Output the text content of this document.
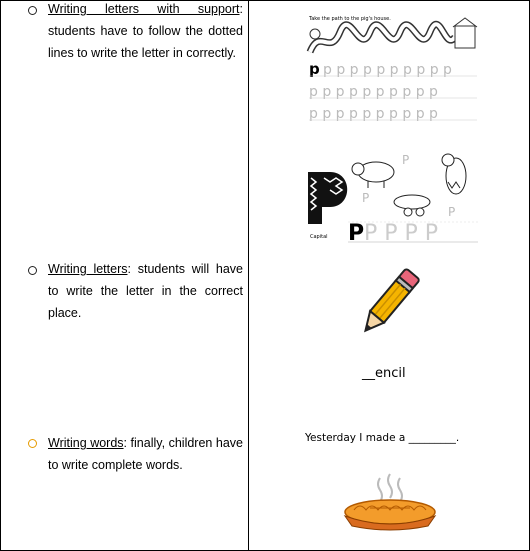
Writing letters with support: students have to follow the dotted lines to write the letter in correctly.
Writing letters: students will have to write the letter in the correct place.
Writing words: finally, children have to write complete words.
Take the path to the pig's house.
p p p p p p p p p p p
p p p p p p p p p p
p p p p p p p p p p
Capital P P P P P
P
P
P
__encil
Yesterday I made a _________.
